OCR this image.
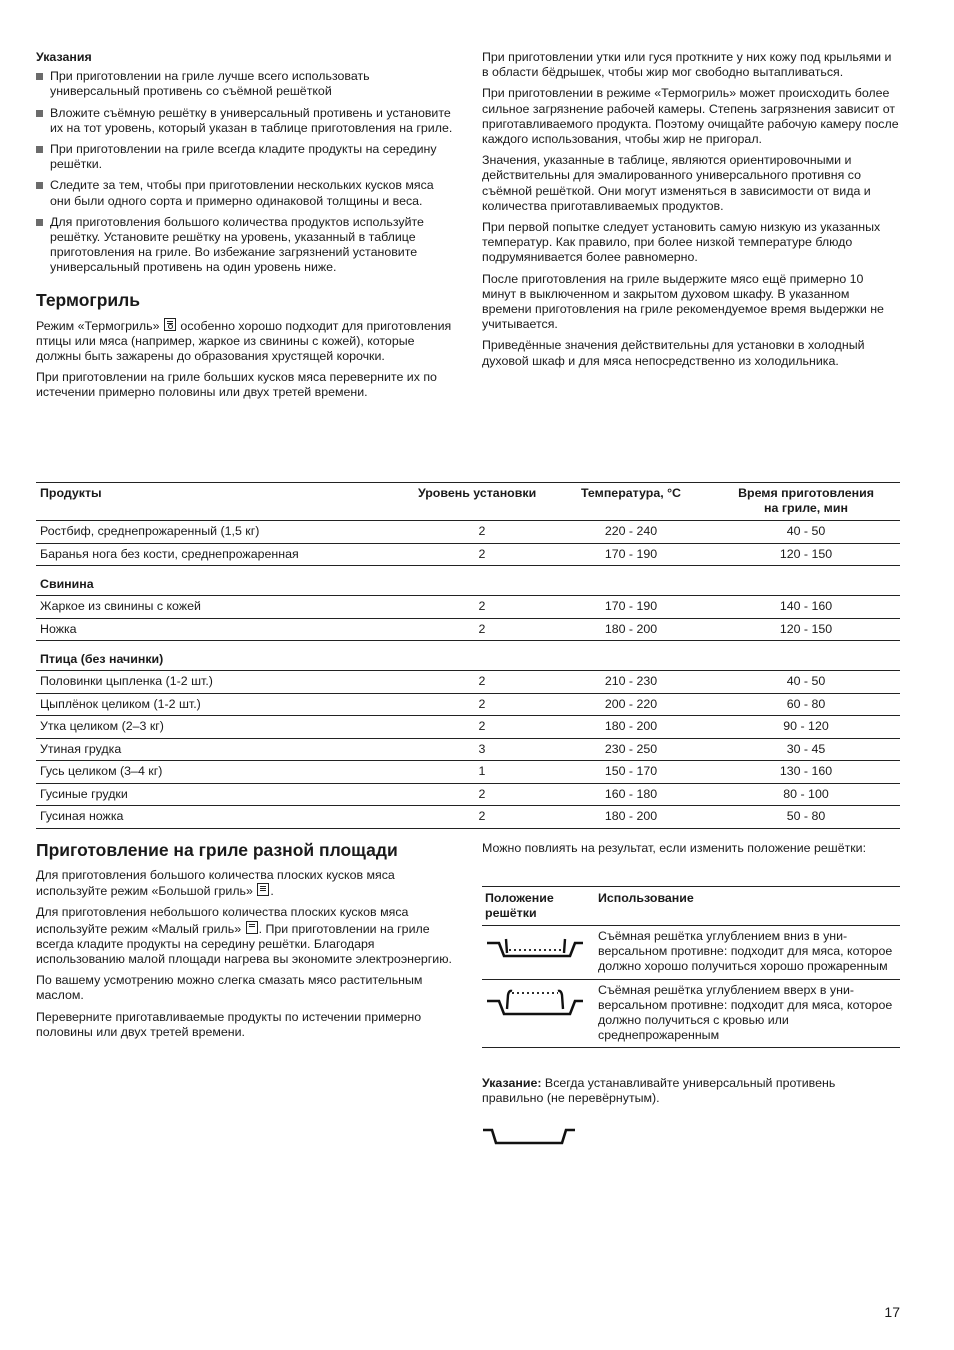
Указания
При приготовлении на гриле лучше всего использовать универсальный противень со съёмной решёткой
Вложите съёмную решётку в универсальный противень и установите их на тот уровень, который указан в таблице приготовления на гриле.
При приготовлении на гриле всегда кладите продукты на середину решётки.
Следите за тем, чтобы при приготовлении нескольких кусков мяса они были одного сорта и примерно одинаковой толщины и веса.
Для приготовления большого количества продуктов используйте решётку. Установите решётку на уровень, указанный в таблице приготовления на гриле. Во избежание загрязнений установите универсальный противень на один уровень ниже.
Термогриль

Режим «Термогриль» особенно хорошо подходит для приготовления птицы или мяса (например, жаркое из свинины с кожей), которые должны быть зажарены до образования хрустящей корочки.

При приготовлении на гриле больших кусков мяса переверните их по истечении примерно половины или двух третей времени.

При приготовлении утки или гуся проткните у них кожу под крыльями и в области бёдрышек, чтобы жир мог свободно вытапливаться.

При приготовлении в режиме «Термогриль» может происходить более сильное загрязнение рабочей камеры. Степень загрязнения зависит от приготавливаемого продукта. Поэтому очищайте рабочую камеру после каждого использования, чтобы жир не пригорал.

Значения, указанные в таблице, являются ориентировочными и действительны для эмалированного универсального противня со съёмной решёткой. Они могут изменяться в зависимости от вида и количества приготавливаемых продуктов.

При первой попытке следует установить самую низкую из указанных температур. Как правило, при более низкой температуре блюдо подрумянивается более равномерно.

После приготовления на гриле выдержите мясо ещё примерно 10 минут в выключенном и закрытом духовом шкафу. В указанном времени приготовления на гриле рекомендуемое время выдержки не учитывается.

Приведённые значения действительны для установки в холодный духовой шкаф и для мяса непосредственно из холодильника.

Продукты	Уровень установки	Температура, °C	Время приготовления
на гриле, мин
Ростбиф, среднепрожаренный (1,5 кг)	2	220 - 240	40 - 50
Баранья нога без кости, среднепрожаренная	2	170 - 190	120 - 150
Свинина			
Жаркое из свинины с кожей	2	170 - 190	140 - 160
Ножка	2	180 - 200	120 - 150
Птица (без начинки)			
Половинки цыпленка (1-2 шт.)	2	210 - 230	40 - 50
Цыплёнок целиком (1-2 шт.)	2	200 - 220	60 - 80
Утка целиком (2–3 кг)	2	180 - 200	90 - 120
Утиная грудка	3	230 - 250	30 - 45
Гусь целиком (3–4 кг)	1	150 - 170	130 - 160
Гусиные грудки	2	160 - 180	80 - 100
Гусиная ножка	2	180 - 200	50 - 80
Приготовление на гриле разной площади

Для приготовления большого количества плоских кусков мяса используйте режим «Большой гриль» .

Для приготовления небольшого количества плоских кусков мяса используйте режим «Малый гриль» . При приготовлении на гриле всегда кладите продукты на середину решётки. Благодаря использованию малой площади нагрева вы экономите электроэнергию.

По вашему усмотрению можно слегка смазать мясо растительным маслом.

Переверните приготавливаемые продукты по истечении примерно половины или двух третей времени.

Можно повлиять на результат, если изменить положение решётки:

Положение
решётки	Использование
	Съёмная решётка углублением вниз в уни-версальном противне: подходит для мяса, которое должно хорошо получиться хорошо прожаренным
	Съёмная решётка углублением вверх в уни-версальном противне: подходит для мяса, которое должно получиться с кровью или среднепрожаренным

Указание: Всегда устанавливайте универсальный противень правильно (не перевёрнутым).

17
